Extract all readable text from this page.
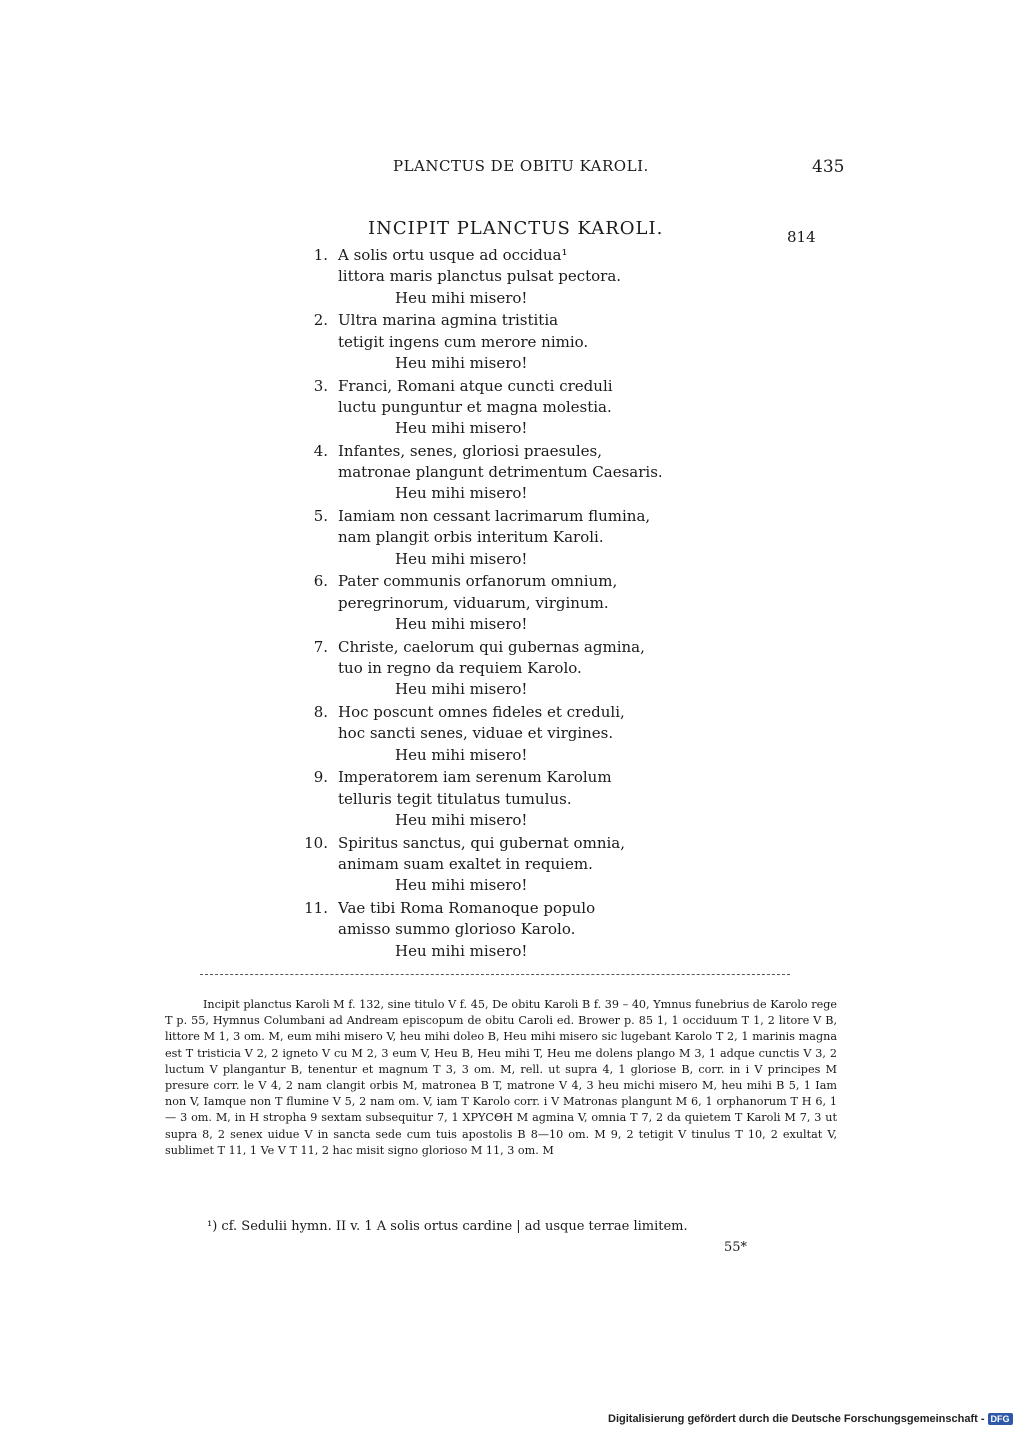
PLANCTUS DE OBITU KAROLI.	435
INCIPIT PLANCTUS KAROLI.	814
1. A solis ortu usque ad occidua¹
littora maris planctus pulsat pectora.
Heu mihi misero!
2. Ultra marina agmina tristitia
tetigit ingens cum merore nimio.
Heu mihi misero!
3. Franci, Romani atque cuncti creduli
luctu punguntur et magna molestia.
Heu mihi misero!
4. Infantes, senes, gloriosi praesules,
matronae plangunt detrimentum Caesaris.
Heu mihi misero!
5. Iamiam non cessant lacrimarum flumina,
nam plangit orbis interitum Karoli.
Heu mihi misero!
6. Pater communis orfanorum omnium,
peregrinorum, viduarum, virginum.
Heu mihi misero!
7. Christe, caelorum qui gubernas agmina,
tuo in regno da requiem Karolo.
Heu mihi misero!
8. Hoc poscunt omnes fideles et creduli,
hoc sancti senes, viduae et virgines.
Heu mihi misero!
9. Imperatorem iam serenum Karolum
telluris tegit titulatus tumulus.
Heu mihi misero!
10. Spiritus sanctus, qui gubernat omnia,
animam suam exaltet in requiem.
Heu mihi misero!
11. Vae tibi Roma Romanoque populo
amisso summo glorioso Karolo.
Heu mihi misero!
Incipit planctus Karoli M f. 132, sine titulo V f. 45, De obitu Karoli B f. 39 – 40, Ymnus funebrius de Karolo rege T p. 55, Hymnus Columbani ad Andream episcopum de obitu Caroli ed. Brower p. 85 1, 1 occiduum T 1, 2 litore V B, littore M 1, 3 om. M, eum mihi misero V, heu mihi doleo B, Heu mihi misero sic lugebant Karolo T 2, 1 marinis magna est T tristicia V 2, 2 igneto V cu M 2, 3 eum V, Heu B, Heu mihi T, Heu me dolens plango M 3, 1 adque cunctis V 3, 2 luctum V plangantur B, tenentur et magnum T 3, 3 om. M, rell. ut supra 4, 1 gloriose B, corr. in i V principes M presure corr. le V 4, 2 nam clangit orbis M, matronea B T, matrone V 4, 3 heu michi misero M, heu mihi B 5, 1 Iam non V, Iamque non T flumine V 5, 2 nam om. V, iam T Karolo corr. i V Matronas plangunt M 6, 1 orphanorum T H 6, 1 — 3 om. M, in H stropha 9 sextam subsequitur 7, 1 ΧΡΥCΘΗ M agmina V, omnia T 7, 2 da quietem T Karoli M 7, 3 ut supra 8, 2 senex uidue V in sancta sede cum tuis apostolis B 8—10 om. M 9, 2 tetigit V tinulus T 10, 2 exultat V, sublimet T 11, 1 Ve V T 11, 2 hac misit signo glorioso M 11, 3 om. M
¹) cf. Sedulii hymn. II v. 1 A solis ortus cardine | ad usque terrae limitem.
55*
Digitalisierung gefördert durch die Deutsche Forschungsgemeinschaft - DFG
